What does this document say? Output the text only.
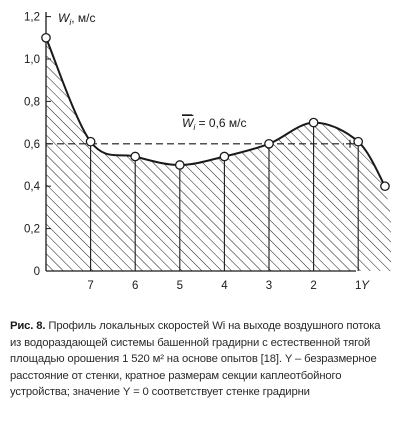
0
0,2
0,4
0,6
0,8
1,0
1,2
7	6	5	4	3	2	1 Y
$W_i$, м/с
$W_i = 0,6$ м/с
Рис. 8. Профиль локальных скоростей Wi на выходе воздушного потока из водораздающей системы башенной градирни с естественной тягой площадью орошения 1 520 м² на основе опытов [18]. Y – безразмерное расстояние от стенки, кратное размерам секции каплеотбойного устройства; значение Y = 0 соответствует стенке градирни
